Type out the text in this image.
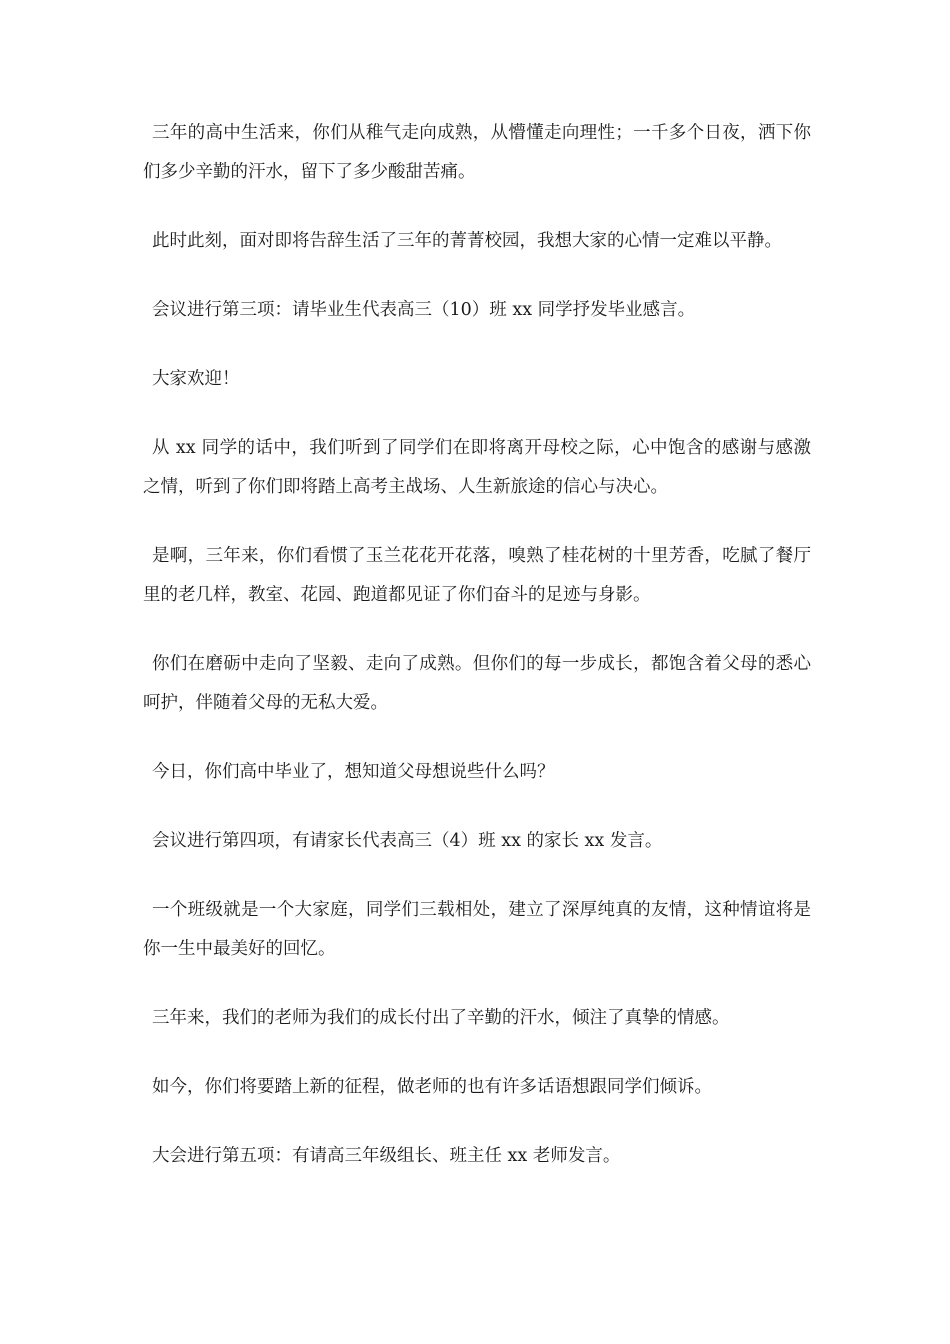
三年的高中生活来，你们从稚气走向成熟，从懵懂走向理性；一千多个日夜，洒下你们多少辛勤的汗水，留下了多少酸甜苦痛。

此时此刻，面对即将告辞生活了三年的菁菁校园，我想大家的心情一定难以平静。

会议进行第三项：请毕业生代表高三（10）班 xx 同学抒发毕业感言。

大家欢迎！

从 xx 同学的话中，我们听到了同学们在即将离开母校之际，心中饱含的感谢与感激之情，听到了你们即将踏上高考主战场、人生新旅途的信心与决心。

是啊，三年来，你们看惯了玉兰花花开花落，嗅熟了桂花树的十里芳香，吃腻了餐厅里的老几样，教室、花园、跑道都见证了你们奋斗的足迹与身影。

你们在磨砺中走向了坚毅、走向了成熟。但你们的每一步成长，都饱含着父母的悉心呵护，伴随着父母的无私大爱。

今日，你们高中毕业了，想知道父母想说些什么吗？

会议进行第四项，有请家长代表高三（4）班 xx 的家长 xx 发言。

一个班级就是一个大家庭，同学们三载相处，建立了深厚纯真的友情，这种情谊将是你一生中最美好的回忆。

三年来，我们的老师为我们的成长付出了辛勤的汗水，倾注了真挚的情感。

如今，你们将要踏上新的征程，做老师的也有许多话语想跟同学们倾诉。

大会进行第五项：有请高三年级组长、班主任 xx 老师发言。
